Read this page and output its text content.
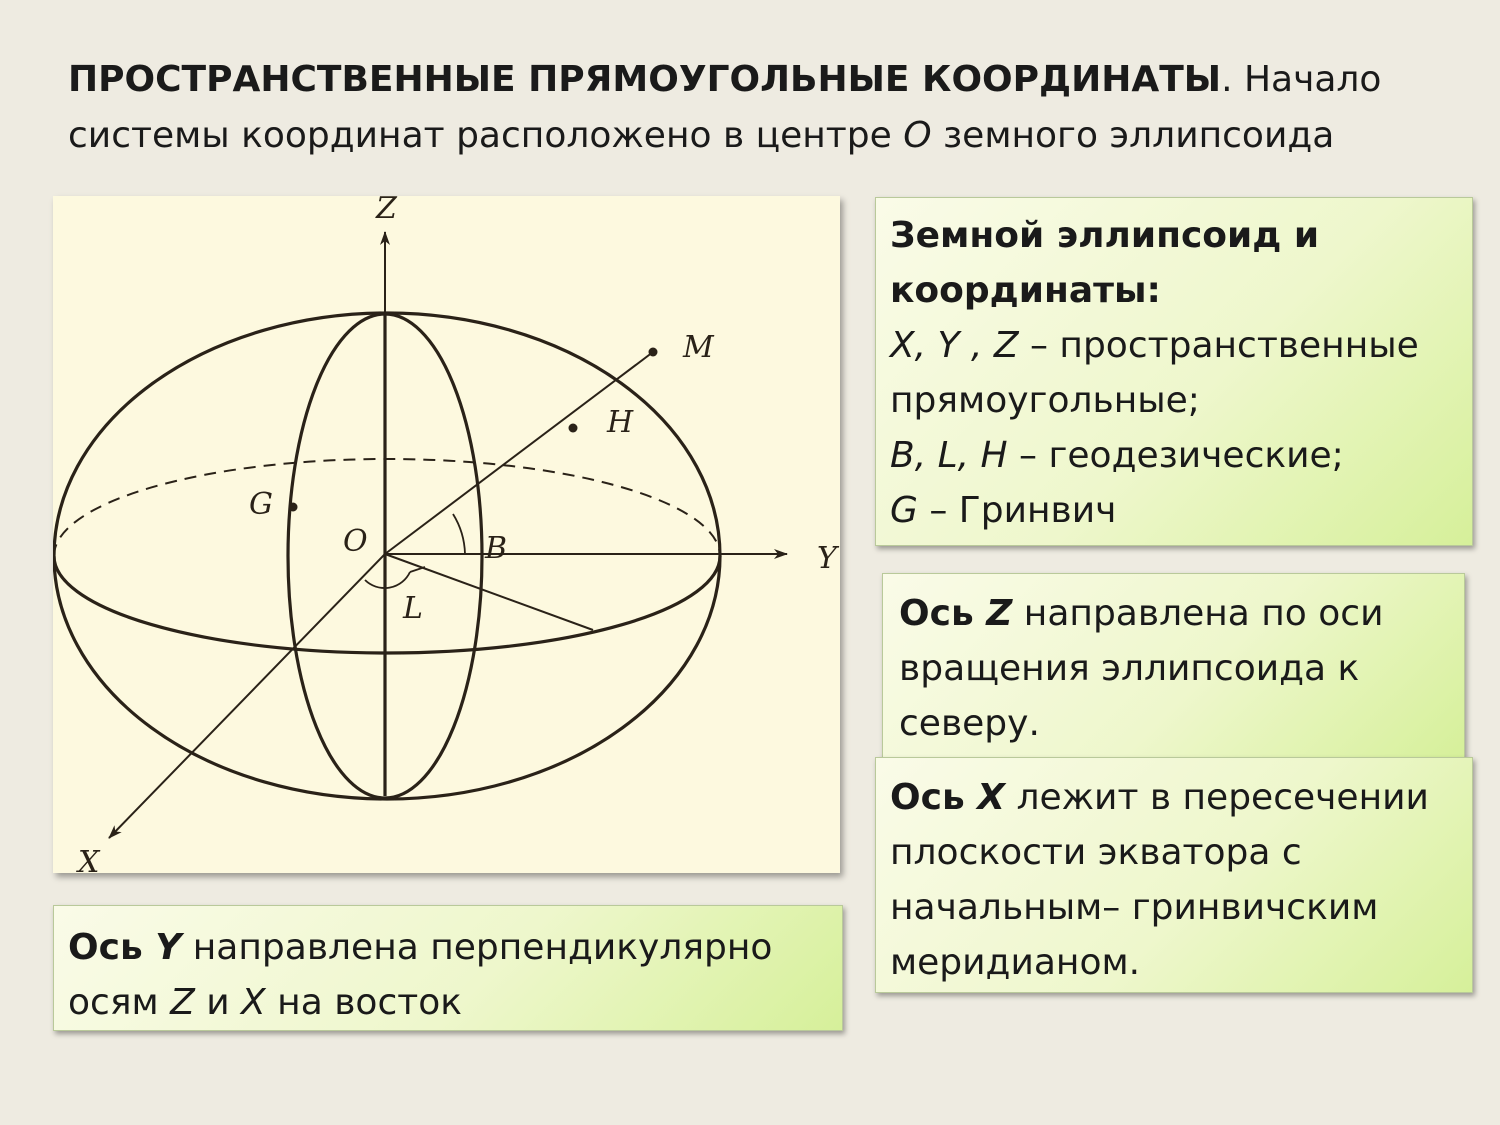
ПРОСТРАНСТВЕННЫЕ ПРЯМОУГОЛЬНЫЕ КООРДИНАТЫ. Начало системы координат расположено в центре O земного эллипсоида
Z
Y
X
O
M
H
G
B
L
Земной эллипсоид и координаты:
X, Y , Z – пространственные прямоугольные;
B, L, H – геодезические;
G – Гринвич
Ось Z направлена по оси вращения эллипсоида к северу.
Ось X лежит в пересечении плоскости экватора с начальным– гринвичским меридианом.
Ось Y направлена перпендикулярно осям Z и X на восток
